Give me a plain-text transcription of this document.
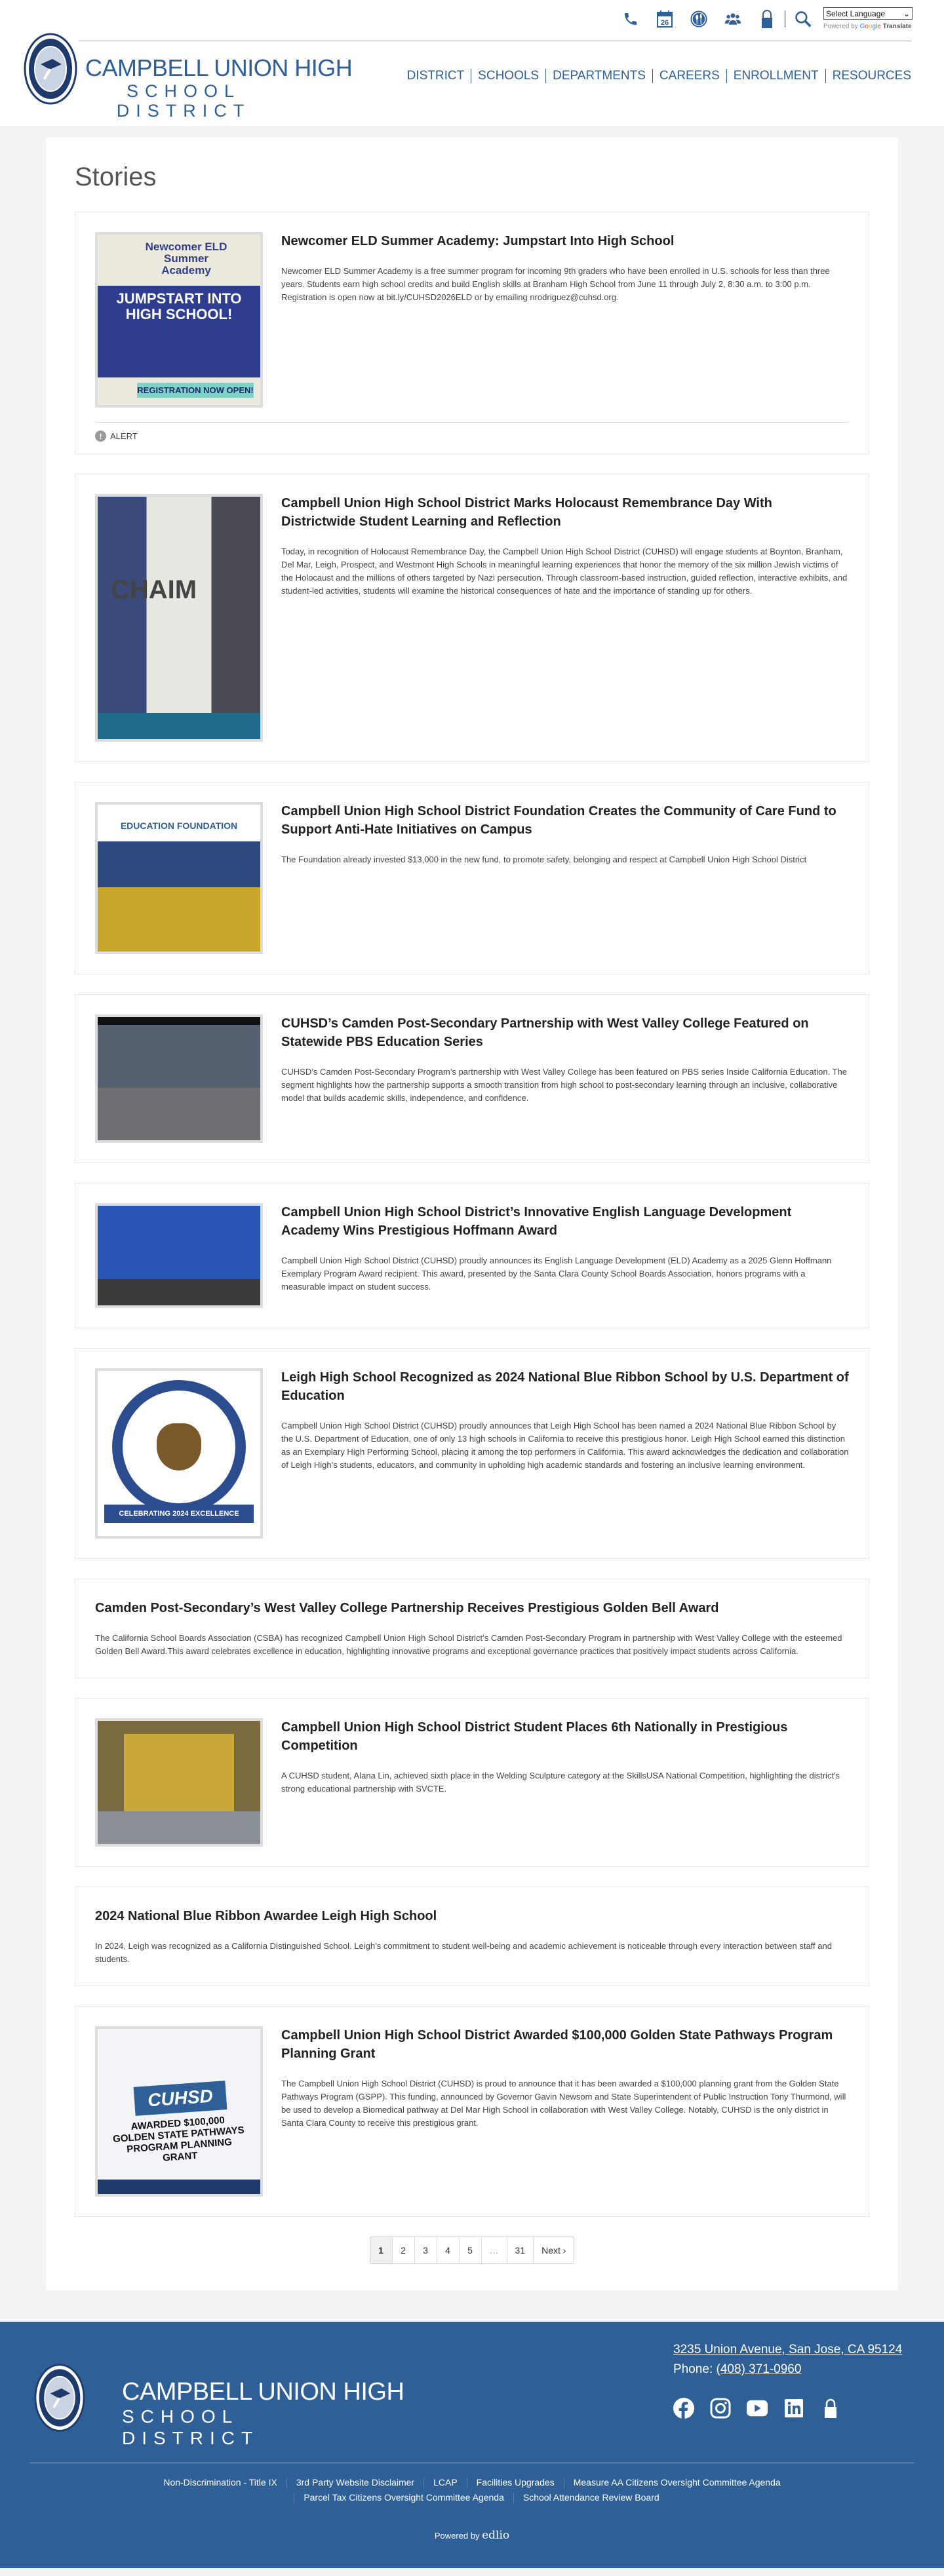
26
Select Language ⌄
Powered by Google Translate
CAMPBELL UNION HIGH
SCHOOL
DISTRICT
DISTRICT SCHOOLS DEPARTMENTS CAREERS ENROLLMENT RESOURCES
Stories
Newcomer ELD Summer Academy
JUMPSTART INTO HIGH SCHOOL!
REGISTRATION NOW OPEN!
Newcomer ELD Summer Academy: Jumpstart Into High School

Newcomer ELD Summer Academy is a free summer program for incoming 9th graders who have been enrolled in U.S. schools for less than three years. Students earn high school credits and build English skills at Branham High School from June 11 through July 2, 8:30 a.m. to 3:00 p.m. Registration is open now at bit.ly/CUHSD2026ELD or by emailing nrodriguez@cuhsd.org.

! ALERT
CHAIM
Campbell Union High School District Marks Holocaust Remembrance Day With Districtwide Student Learning and Reflection

Today, in recognition of Holocaust Remembrance Day, the Campbell Union High School District (CUHSD) will engage students at Boynton, Branham, Del Mar, Leigh, Prospect, and Westmont High Schools in meaningful learning experiences that honor the memory of the six million Jewish victims of the Holocaust and the millions of others targeted by Nazi persecution. Through classroom-based instruction, guided reflection, interactive exhibits, and student-led activities, students will examine the historical consequences of hate and the importance of standing up for others.

EDUCATION FOUNDATION
Campbell Union High School District Foundation Creates the Community of Care Fund to Support Anti-Hate Initiatives on Campus

The Foundation already invested $13,000 in the new fund, to promote safety, belonging and respect at Campbell Union High School District

CUHSD’s Camden Post-Secondary Partnership with West Valley College Featured on Statewide PBS Education Series

CUHSD’s Camden Post-Secondary Program’s partnership with West Valley College has been featured on PBS series Inside California Education. The segment highlights how the partnership supports a smooth transition from high school to post-secondary learning through an inclusive, collaborative model that builds academic skills, independence, and confidence.

Campbell Union High School District’s Innovative English Language Development Academy Wins Prestigious Hoffmann Award

Campbell Union High School District (CUHSD) proudly announces its English Language Development (ELD) Academy as a 2025 Glenn Hoffmann Exemplary Program Award recipient. This award, presented by the Santa Clara County School Boards Association, honors programs with a measurable impact on student success.

CELEBRATING 2024 EXCELLENCE
Leigh High School Recognized as 2024 National Blue Ribbon School by U.S. Department of Education

Campbell Union High School District (CUHSD) proudly announces that Leigh High School has been named a 2024 National Blue Ribbon School by the U.S. Department of Education, one of only 13 high schools in California to receive this prestigious honor. Leigh High School earned this distinction as an Exemplary High Performing School, placing it among the top performers in California. This award acknowledges the dedication and collaboration of Leigh High’s students, educators, and community in upholding high academic standards and fostering an inclusive learning environment.

Camden Post-Secondary’s West Valley College Partnership Receives Prestigious Golden Bell Award

The California School Boards Association (CSBA) has recognized Campbell Union High School District’s Camden Post-Secondary Program in partnership with West Valley College with the esteemed Golden Bell Award.This award celebrates excellence in education, highlighting innovative programs and exceptional governance practices that positively impact students across California.

Campbell Union High School District Student Places 6th Nationally in Prestigious Competition

A CUHSD student, Alana Lin, achieved sixth place in the Welding Sculpture category at the SkillsUSA National Competition, highlighting the district's strong educational partnership with SVCTE.

2024 National Blue Ribbon Awardee Leigh High School

In 2024, Leigh was recognized as a California Distinguished School. Leigh’s commitment to student well-being and academic achievement is noticeable through every interaction between staff and students.

CUHSD
AWARDED $100,000 GOLDEN STATE PATHWAYS PROGRAM PLANNING GRANT
Campbell Union High School District Awarded $100,000 Golden State Pathways Program Planning Grant

The Campbell Union High School District (CUHSD) is proud to announce that it has been awarded a $100,000 planning grant from the Golden State Pathways Program (GSPP). This funding, announced by Governor Gavin Newsom and State Superintendent of Public Instruction Tony Thurmond, will be used to develop a Biomedical pathway at Del Mar High School in collaboration with West Valley College. Notably, CUHSD is the only district in Santa Clara County to receive this prestigious grant.

1	2	3	4	5	…	31	Next ›
CAMPBELL UNION HIGH
SCHOOL
DISTRICT
3235 Union Avenue, San Jose, CA 95124
Phone: (408) 371-0960
Non-Discrimination - Title IX 3rd Party Website Disclaimer LCAP Facilities Upgrades Measure AA Citizens Oversight Committee Agenda
Parcel Tax Citizens Oversight Committee Agenda School Attendance Review Board
Powered by edlio
